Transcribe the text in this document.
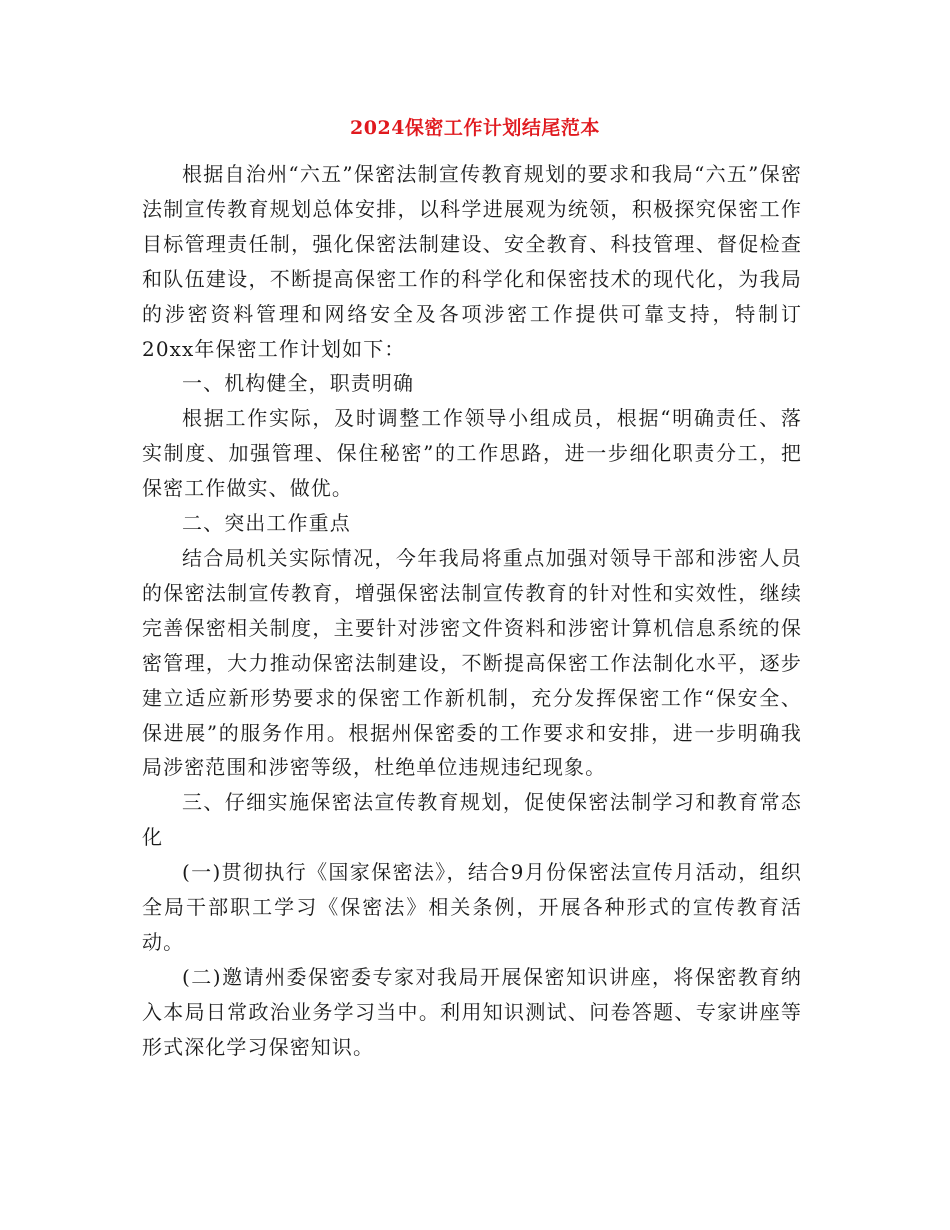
2024保密工作计划结尾范本

根据自治州“六五”保密法制宣传教育规划的要求和我局“六五”保密法制宣传教育规划总体安排，以科学进展观为统领，积极探究保密工作目标管理责任制，强化保密法制建设、安全教育、科技管理、督促检查和队伍建设，不断提高保密工作的科学化和保密技术的现代化，为我局的涉密资料管理和网络安全及各项涉密工作提供可靠支持，特制订20xx年保密工作计划如下：

一、机构健全，职责明确

根据工作实际，及时调整工作领导小组成员，根据“明确责任、落实制度、加强管理、保住秘密”的工作思路，进一步细化职责分工，把保密工作做实、做优。

二、突出工作重点

结合局机关实际情况，今年我局将重点加强对领导干部和涉密人员的保密法制宣传教育，增强保密法制宣传教育的针对性和实效性，继续完善保密相关制度，主要针对涉密文件资料和涉密计算机信息系统的保密管理，大力推动保密法制建设，不断提高保密工作法制化水平，逐步建立适应新形势要求的保密工作新机制，充分发挥保密工作“保安全、保进展”的服务作用。根据州保密委的工作要求和安排，进一步明确我局涉密范围和涉密等级，杜绝单位违规违纪现象。

三、仔细实施保密法宣传教育规划，促使保密法制学习和教育常态化

(一)贯彻执行《国家保密法》，结合9月份保密法宣传月活动，组织全局干部职工学习《保密法》相关条例，开展各种形式的宣传教育活动。

(二)邀请州委保密委专家对我局开展保密知识讲座，将保密教育纳入本局日常政治业务学习当中。利用知识测试、问卷答题、专家讲座等形式深化学习保密知识。
